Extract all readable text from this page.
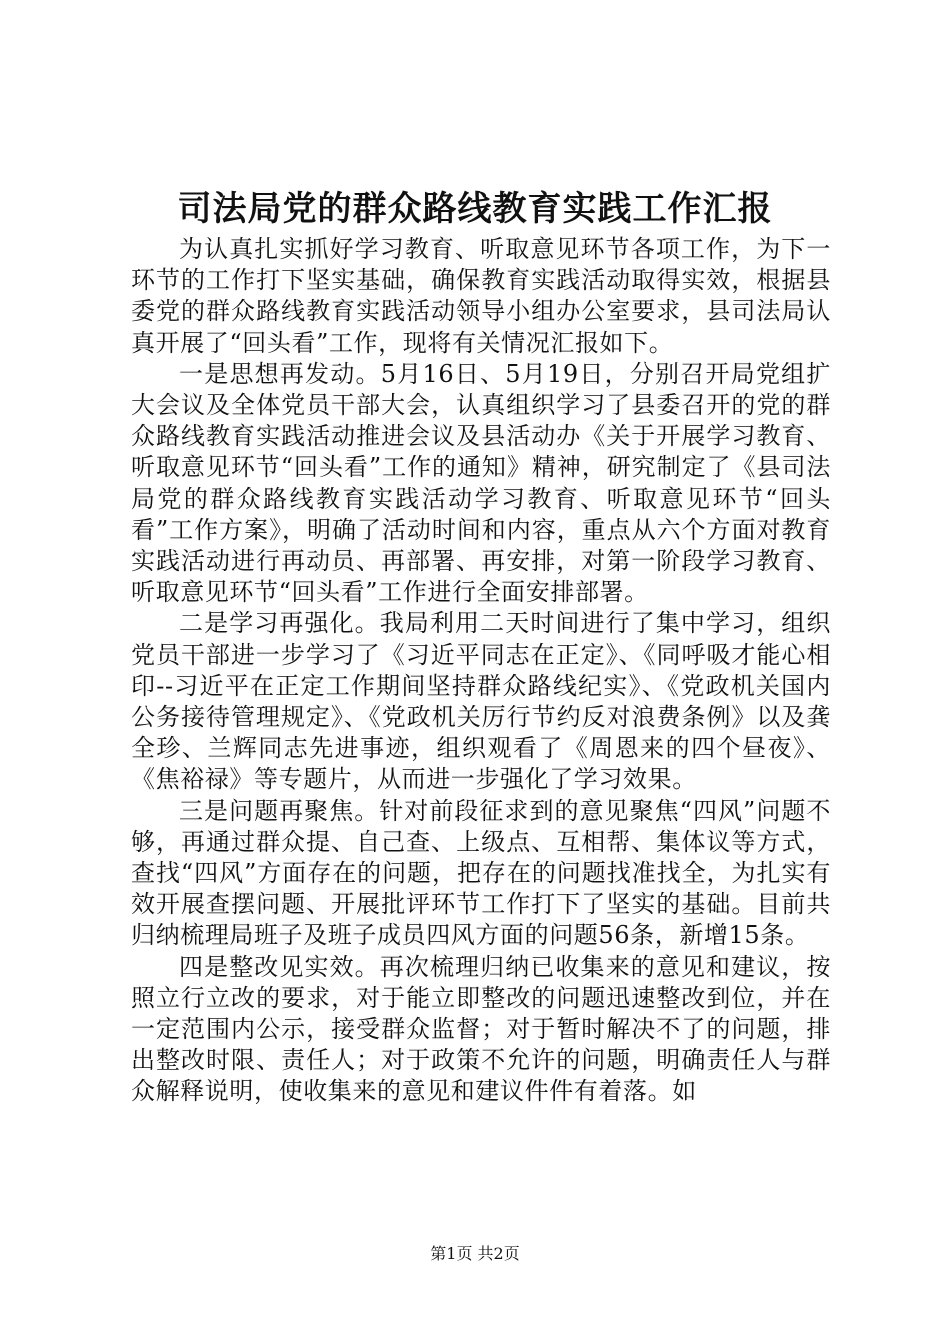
司法局党的群众路线教育实践工作汇报

为认真扎实抓好学习教育、听取意见环节各项工作，为下一环节的工作打下坚实基础，确保教育实践活动取得实效，根据县委党的群众路线教育实践活动领导小组办公室要求，县司法局认真开展了“回头看”工作，现将有关情况汇报如下。

一是思想再发动。5月16日、5月19日，分别召开局党组扩大会议及全体党员干部大会，认真组织学习了县委召开的党的群众路线教育实践活动推进会议及县活动办《关于开展学习教育、听取意见环节“回头看”工作的通知》精神，研究制定了《县司法局党的群众路线教育实践活动学习教育、听取意见环节“回头看”工作方案》，明确了活动时间和内容，重点从六个方面对教育实践活动进行再动员、再部署、再安排，对第一阶段学习教育、听取意见环节“回头看”工作进行全面安排部署。

二是学习再强化。我局利用二天时间进行了集中学习，组织党员干部进一步学习了《习近平同志在正定》、《同呼吸才能心相印--习近平在正定工作期间坚持群众路线纪实》、《党政机关国内公务接待管理规定》、《党政机关厉行节约反对浪费条例》以及龚全珍、兰辉同志先进事迹，组织观看了《周恩来的四个昼夜》、《焦裕禄》等专题片，从而进一步强化了学习效果。

三是问题再聚焦。针对前段征求到的意见聚焦“四风”问题不够，再通过群众提、自己查、上级点、互相帮、集体议等方式，查找“四风”方面存在的问题，把存在的问题找准找全，为扎实有效开展查摆问题、开展批评环节工作打下了坚实的基础。目前共归纳梳理局班子及班子成员四风方面的问题56条，新增15条。

四是整改见实效。再次梳理归纳已收集来的意见和建议，按照立行立改的要求，对于能立即整改的问题迅速整改到位，并在一定范围内公示，接受群众监督；对于暂时解决不了的问题，排出整改时限、责任人；对于政策不允许的问题，明确责任人与群众解释说明，使收集来的意见和建议件件有着落。如

第1页 共2页
